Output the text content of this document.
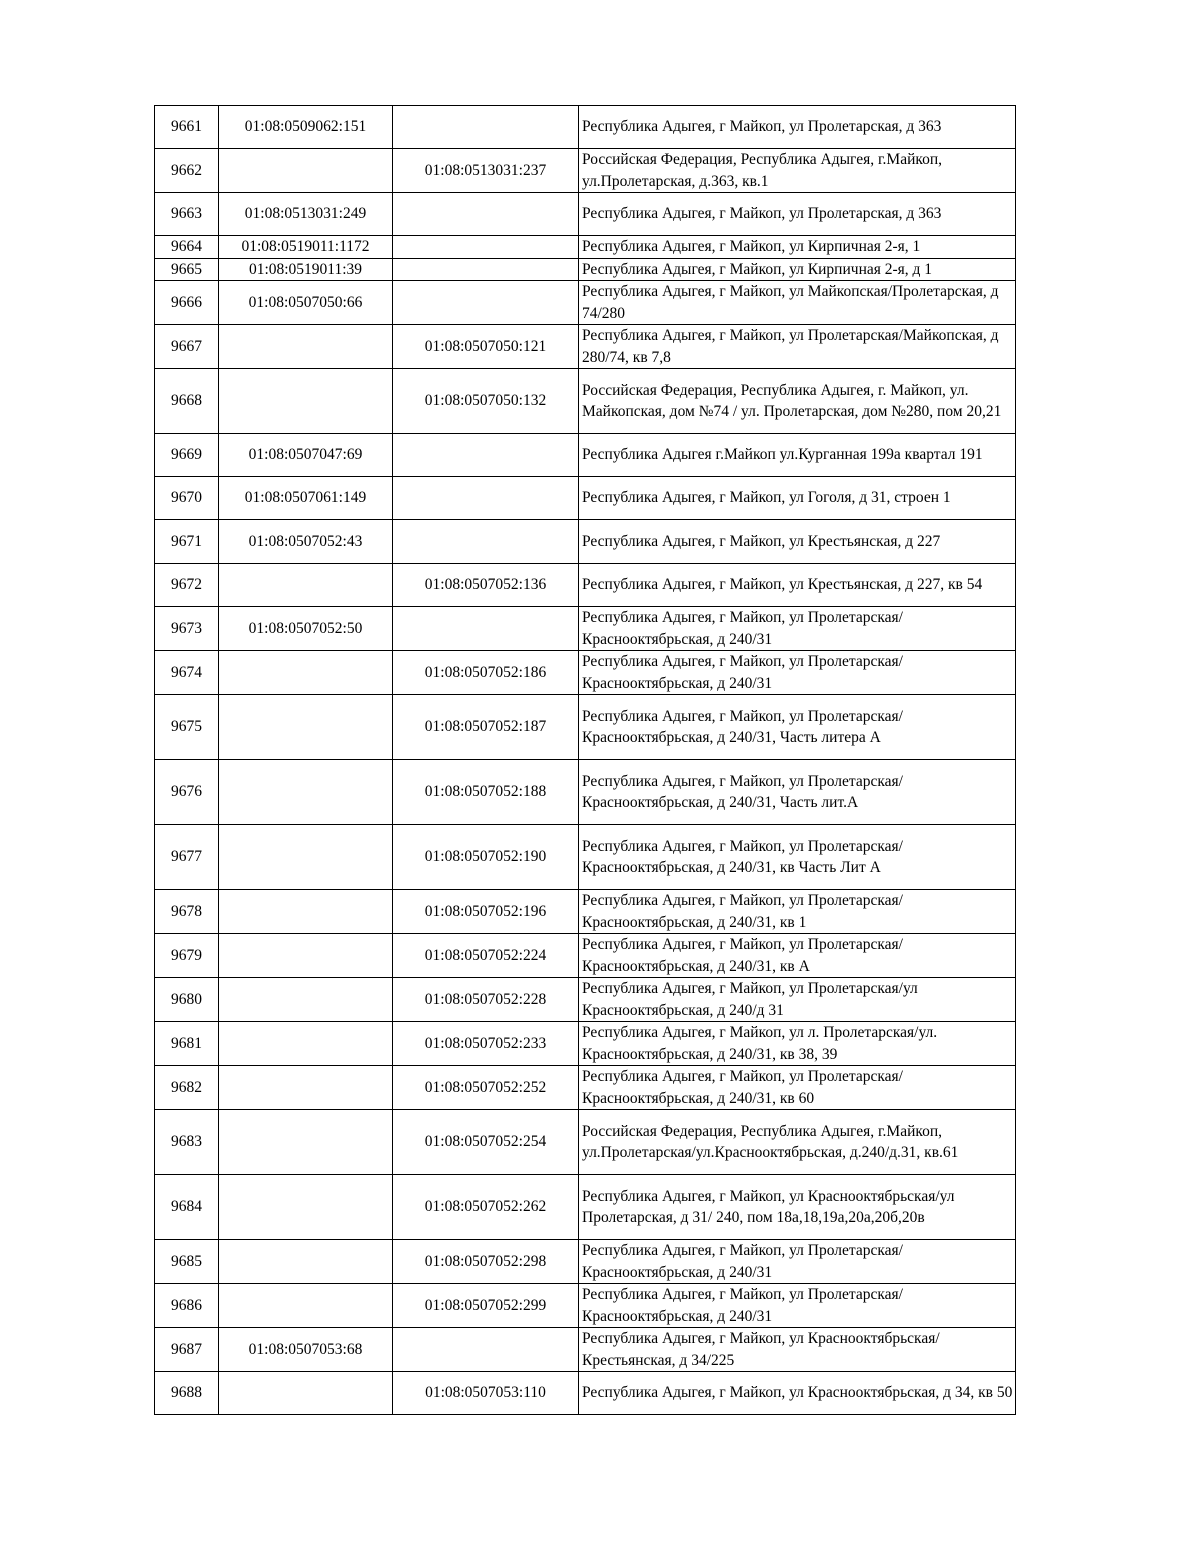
9661	01:08:0509062:151		Республика Адыгея, г Майкоп, ул Пролетарская, д 363
9662		01:08:0513031:237	Российская Федерация, Республика Адыгея, г.Майкоп, ул.Пролетарская, д.363, кв.1
9663	01:08:0513031:249		Республика Адыгея, г Майкоп, ул Пролетарская, д 363
9664	01:08:0519011:1172		Республика Адыгея, г Майкоп, ул Кирпичная 2-я, 1
9665	01:08:0519011:39		Республика Адыгея, г Майкоп, ул Кирпичная 2-я, д 1
9666	01:08:0507050:66		Республика Адыгея, г Майкоп, ул Майкопская/Пролетарская, д 74/280
9667		01:08:0507050:121	Республика Адыгея, г Майкоп, ул Пролетарская/Майкопская, д 280/74, кв 7,8
9668		01:08:0507050:132	Российская Федерация, Республика Адыгея, г. Майкоп, ул. Майкопская, дом №74 / ул. Пролетарская, дом №280, пом 20,21
9669	01:08:0507047:69		Республика Адыгея г.Майкоп ул.Курганная 199а квартал 191
9670	01:08:0507061:149		Республика Адыгея, г Майкоп, ул Гоголя, д 31, строен 1
9671	01:08:0507052:43		Республика Адыгея, г Майкоп, ул Крестьянская, д 227
9672		01:08:0507052:136	Республика Адыгея, г Майкоп, ул Крестьянская, д 227, кв 54
9673	01:08:0507052:50		Республика Адыгея, г Майкоп, ул Пролетарская/Краснооктябрьская, д 240/31
9674		01:08:0507052:186	Республика Адыгея, г Майкоп, ул Пролетарская/Краснооктябрьская, д 240/31
9675		01:08:0507052:187	Республика Адыгея, г Майкоп, ул Пролетарская/Краснооктябрьская, д 240/31, Часть литера А
9676		01:08:0507052:188	Республика Адыгея, г Майкоп, ул Пролетарская/Краснооктябрьская, д 240/31, Часть лит.А
9677		01:08:0507052:190	Республика Адыгея, г Майкоп, ул Пролетарская/Краснооктябрьская, д 240/31, кв Часть Лит А
9678		01:08:0507052:196	Республика Адыгея, г Майкоп, ул Пролетарская/Краснооктябрьская, д 240/31, кв 1
9679		01:08:0507052:224	Республика Адыгея, г Майкоп, ул Пролетарская/Краснооктябрьская, д 240/31, кв А
9680		01:08:0507052:228	Республика Адыгея, г Майкоп, ул Пролетарская/ул Краснооктябрьская, д 240/д 31
9681		01:08:0507052:233	Республика Адыгея, г Майкоп, ул л. Пролетарская/ул. Краснооктябрьская, д 240/31, кв 38, 39
9682		01:08:0507052:252	Республика Адыгея, г Майкоп, ул Пролетарская/Краснооктябрьская, д 240/31, кв 60
9683		01:08:0507052:254	Российская Федерация, Республика Адыгея, г.Майкоп, ул.Пролетарская/ул.Краснооктябрьская, д.240/д.31, кв.61
9684		01:08:0507052:262	Республика Адыгея, г Майкоп, ул Краснооктябрьская/ул Пролетарская, д 31/ 240, пом 18а,18,19а,20а,20б,20в
9685		01:08:0507052:298	Республика Адыгея, г Майкоп, ул Пролетарская/Краснооктябрьская, д 240/31
9686		01:08:0507052:299	Республика Адыгея, г Майкоп, ул Пролетарская/Краснооктябрьская, д 240/31
9687	01:08:0507053:68		Республика Адыгея, г Майкоп, ул Краснооктябрьская/Крестьянская, д 34/225
9688		01:08:0507053:110	Республика Адыгея, г Майкоп, ул Краснооктябрьская, д 34, кв 50
